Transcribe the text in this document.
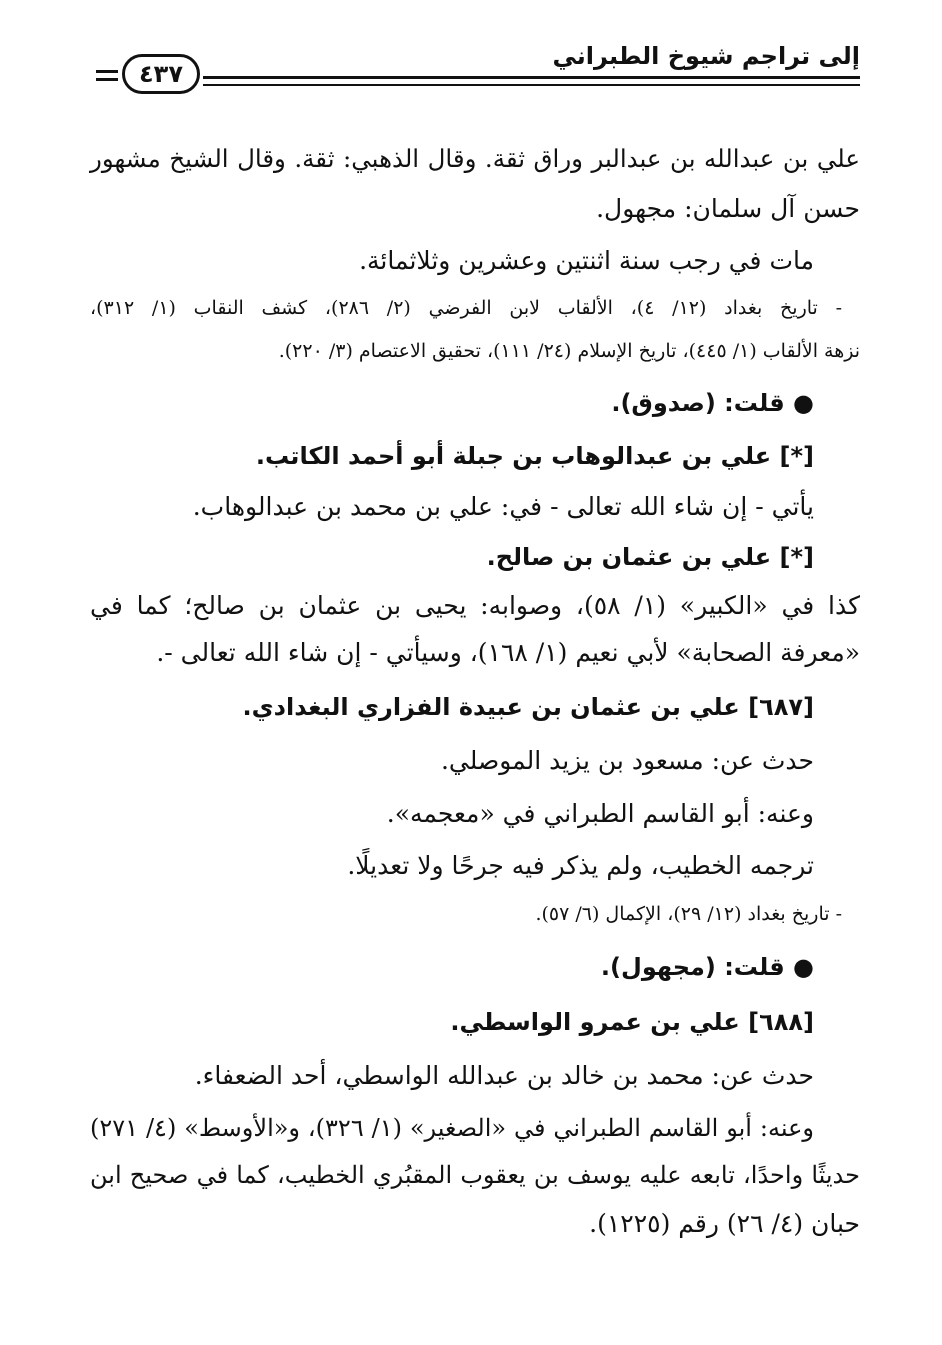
إلى تراجم شيوخ الطبراني
٤٣٧
علي بن عبدالله بن عبدالبر وراق ثقة. وقال الذهبي: ثقة. وقال الشيخ مشهور
حسن آل سلمان: مجهول.
مات في رجب سنة اثنتين وعشرين وثلاثمائة.
- تاريخ بغداد (١٢/ ٤)، الألقاب لابن الفرضي (٢/ ٢٨٦)، كشف النقاب (١/ ٣١٢)،
نزهة الألقاب (١/ ٤٤٥)، تاريخ الإسلام (٢٤/ ١١١)، تحقيق الاعتصام (٣/ ٢٢٠).
● قلت: (صدوق).
[*] علي بن عبدالوهاب بن جبلة أبو أحمد الكاتب.
يأتي - إن شاء الله تعالى - في: علي بن محمد بن عبدالوهاب.
[*] علي بن عثمان بن صالح.
كذا في «الكبير» (١/ ٥٨)، وصوابه: يحيى بن عثمان بن صالح؛ كما في
«معرفة الصحابة» لأبي نعيم (١/ ١٦٨)، وسيأتي - إن شاء الله تعالى -.
[٦٨٧] علي بن عثمان بن عبيدة الفزاري البغدادي.
حدث عن: مسعود بن يزيد الموصلي.
وعنه: أبو القاسم الطبراني في «معجمه».
ترجمه الخطيب، ولم يذكر فيه جرحًا ولا تعديلًا.
- تاريخ بغداد (١٢/ ٢٩)، الإكمال (٦/ ٥٧).
● قلت: (مجهول).
[٦٨٨] علي بن عمرو الواسطي.
حدث عن: محمد بن خالد بن عبدالله الواسطي، أحد الضعفاء.
وعنه: أبو القاسم الطبراني في «الصغير» (١/ ٣٢٦)، و«الأوسط» (٤/ ٢٧١)
حديثًا واحدًا، تابعه عليه يوسف بن يعقوب المقبُري الخطيب، كما في صحيح ابن
حبان (٤/ ٢٦) رقم (١٢٢٥).
